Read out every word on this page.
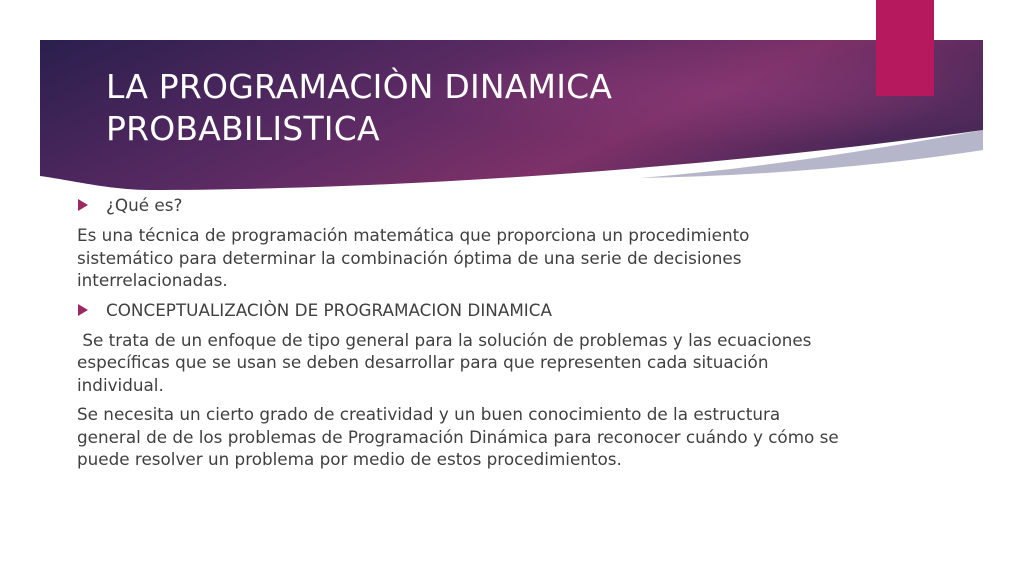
LA PROGRAMACIÒN DINAMICA PROBABILISTICA
¿Qué es?

Es una técnica de programación matemática que proporciona un procedimiento sistemático para determinar la combinación óptima de una serie de decisiones interrelacionadas.

CONCEPTUALIZACIÒN DE PROGRAMACION DINAMICA

Se trata de un enfoque de tipo general para la solución de problemas y las ecuaciones específicas que se usan se deben desarrollar para que representen cada situación individual.

Se necesita un cierto grado de creatividad y un buen conocimiento de la estructura general de de los problemas de Programación Dinámica para reconocer cuándo y cómo se puede resolver un problema por medio de estos procedimientos.
